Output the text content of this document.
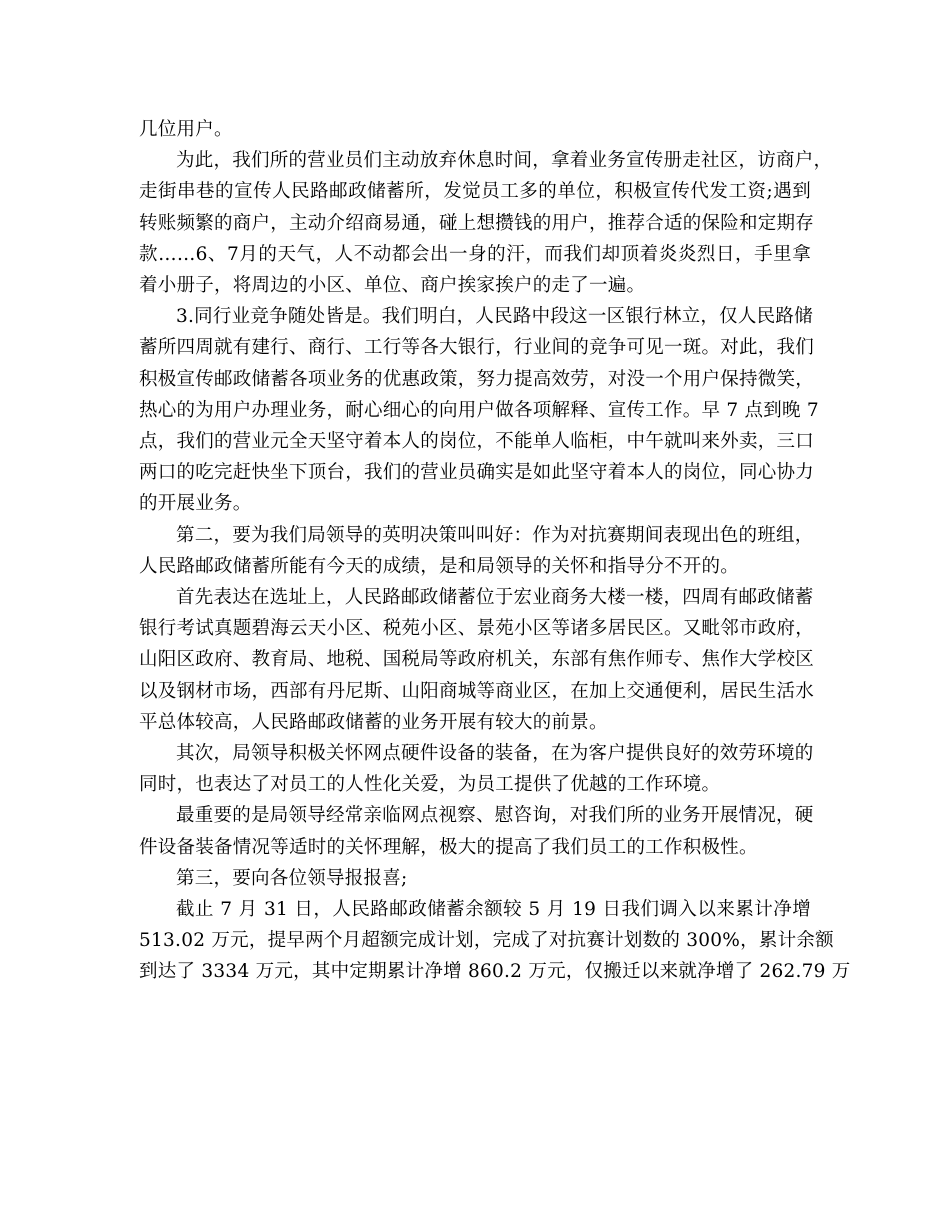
几位用户。
为此，我们所的营业员们主动放弃休息时间，拿着业务宣传册走社区，访商户，
走街串巷的宣传人民路邮政储蓄所，发觉员工多的单位，积极宣传代发工资;遇到
转账频繁的商户，主动介绍商易通，碰上想攒钱的用户，推荐合适的保险和定期存
款……6、7月的天气，人不动都会出一身的汗，而我们却顶着炎炎烈日，手里拿
着小册子，将周边的小区、单位、商户挨家挨户的走了一遍。
3.同行业竞争随处皆是。我们明白，人民路中段这一区银行林立，仅人民路储
蓄所四周就有建行、商行、工行等各大银行，行业间的竞争可见一斑。对此，我们
积极宣传邮政储蓄各项业务的优惠政策，努力提高效劳，对没一个用户保持微笑，
热心的为用户办理业务，耐心细心的向用户做各项解释、宣传工作。早 7 点到晚 7
点，我们的营业元全天坚守着本人的岗位，不能单人临柜，中午就叫来外卖，三口
两口的吃完赶快坐下顶台，我们的营业员确实是如此坚守着本人的岗位，同心协力
的开展业务。
第二，要为我们局领导的英明决策叫叫好：作为对抗赛期间表现出色的班组，
人民路邮政储蓄所能有今天的成绩，是和局领导的关怀和指导分不开的。
首先表达在选址上，人民路邮政储蓄位于宏业商务大楼一楼，四周有邮政储蓄
银行考试真题碧海云天小区、税苑小区、景苑小区等诸多居民区。又毗邻市政府，
山阳区政府、教育局、地税、国税局等政府机关，东部有焦作师专、焦作大学校区
以及钢材市场，西部有丹尼斯、山阳商城等商业区，在加上交通便利，居民生活水
平总体较高，人民路邮政储蓄的业务开展有较大的前景。
其次，局领导积极关怀网点硬件设备的装备，在为客户提供良好的效劳环境的
同时，也表达了对员工的人性化关爱，为员工提供了优越的工作环境。
最重要的是局领导经常亲临网点视察、慰咨询，对我们所的业务开展情况，硬
件设备装备情况等适时的关怀理解，极大的提高了我们员工的工作积极性。
第三，要向各位领导报报喜;
截止 7 月 31 日，人民路邮政储蓄余额较 5 月 19 日我们调入以来累计净增
513.02 万元，提早两个月超额完成计划，完成了对抗赛计划数的 300%，累计余额
到达了 3334 万元，其中定期累计净增 860.2 万元，仅搬迁以来就净增了 262.79 万
